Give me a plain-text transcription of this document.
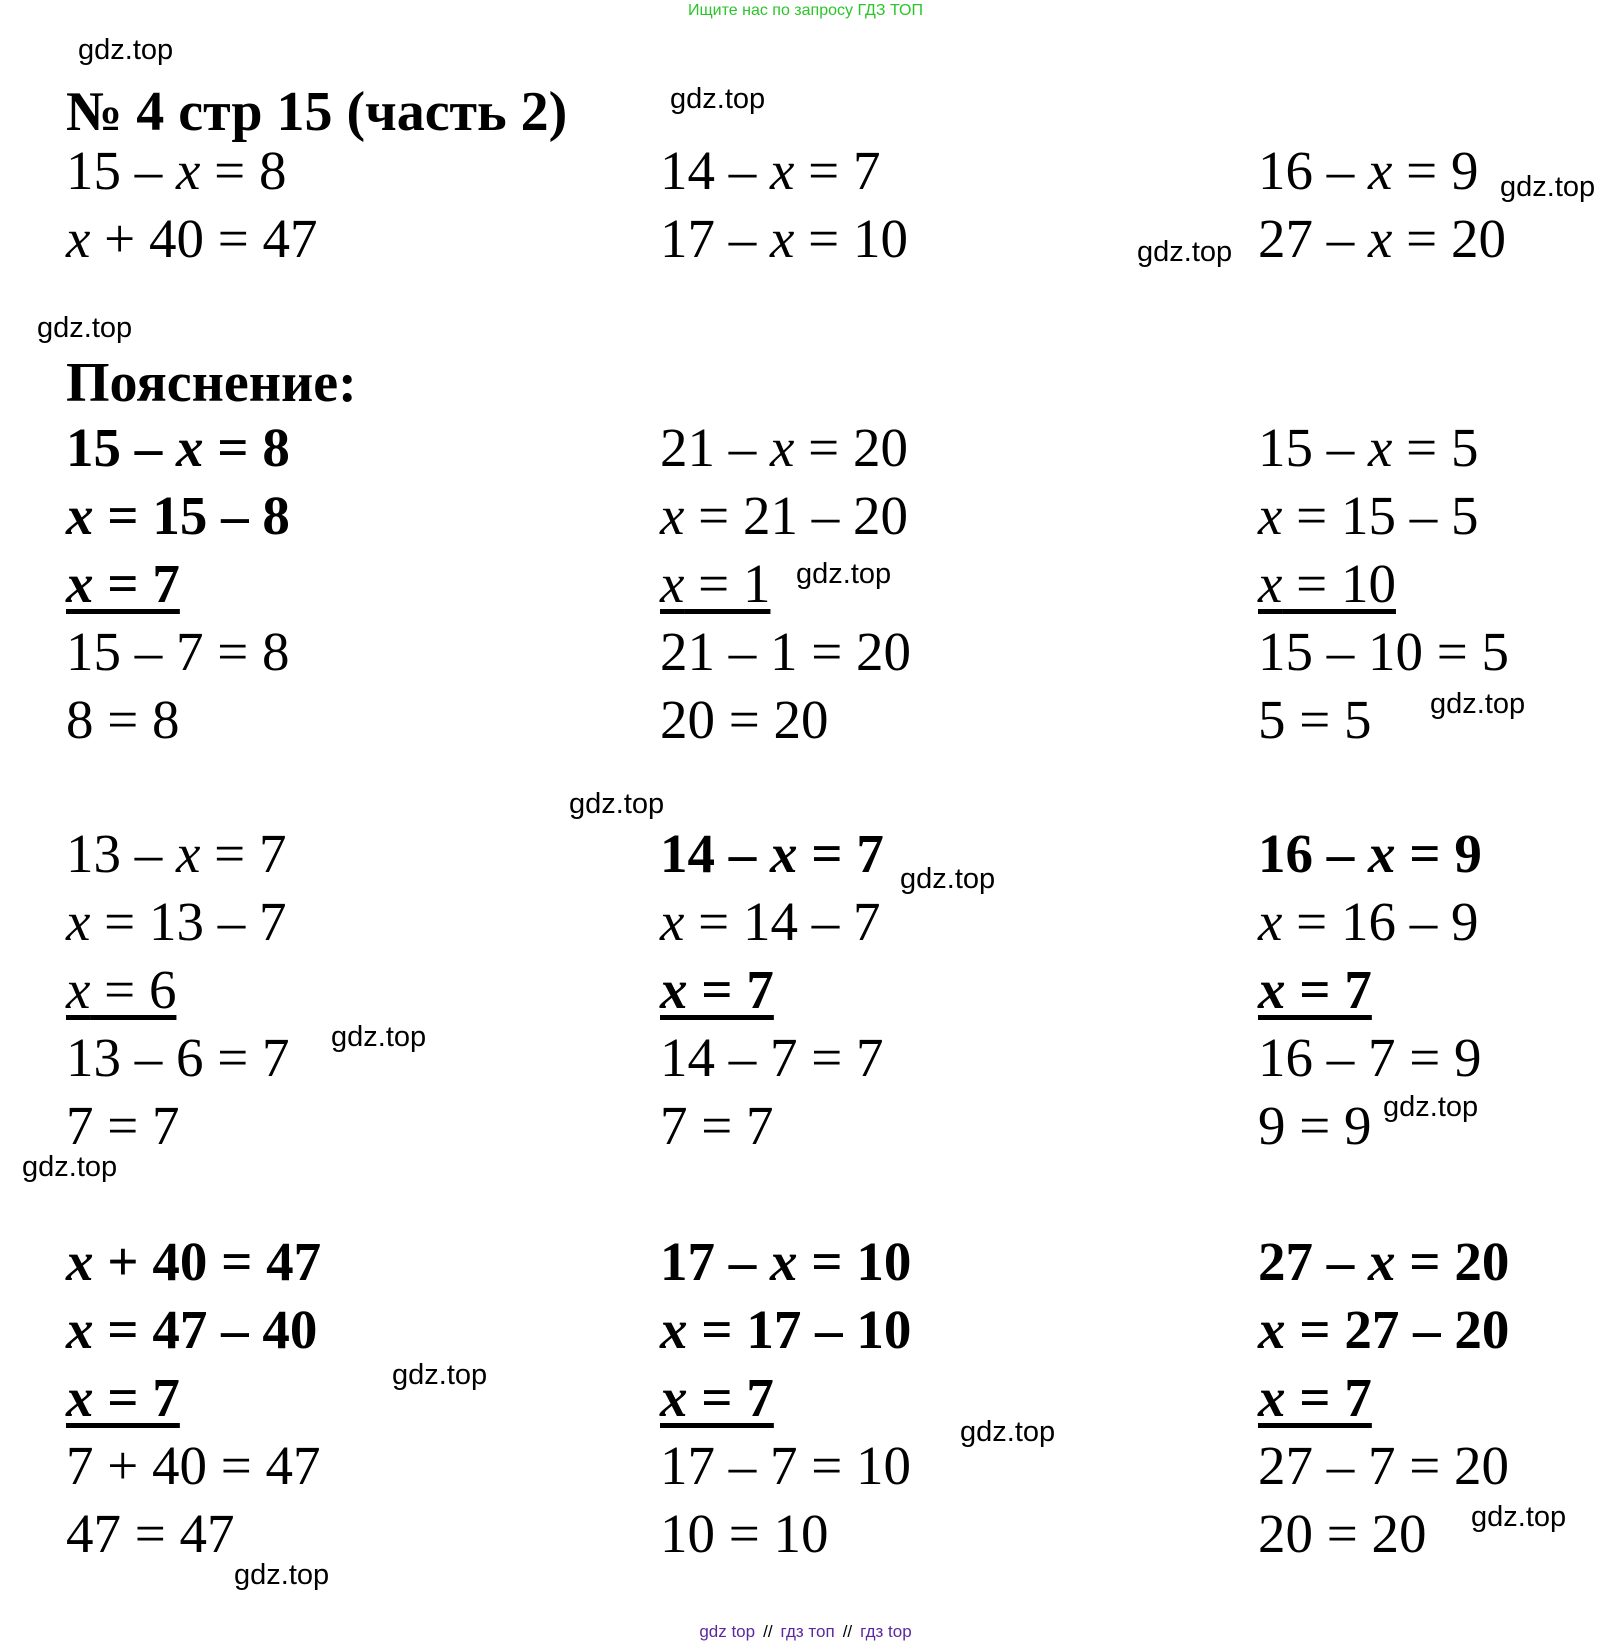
Ищите нас по запросу ГДЗ ТОП
№ 4 стр 15 (часть 2)
15 – x = 8	14 – x = 7	16 – x = 9
x + 40 = 47	17 – x = 10	27 – x = 20
Пояснение:
15 – x = 8
x = 15 – 8
x = 7
15 – 7 = 8
8 = 8
21 – x = 20
x = 21 – 20
x = 1
21 – 1 = 20
20 = 20
15 – x = 5
x = 15 – 5
x = 10
15 – 10 = 5
5 = 5
13 – x = 7
x = 13 – 7
x = 6
13 – 6 = 7
7 = 7
14 – x = 7
x = 14 – 7
x = 7
14 – 7 = 7
7 = 7
16 – x = 9
x = 16 – 9
x = 7
16 – 7 = 9
9 = 9
x + 40 = 47
x = 47 – 40
x = 7
7 + 40 = 47
47 = 47
17 – x = 10
x = 17 – 10
x = 7
17 – 7 = 10
10 = 10
27 – x = 20
x = 27 – 20
x = 7
27 – 7 = 20
20 = 20
gdz.top
gdz.top
gdz.top
gdz.top
gdz.top
gdz.top
gdz.top
gdz.top
gdz.top
gdz.top
gdz.top
gdz.top
gdz.top
gdz.top
gdz.top
gdz.top
gdz top // гдз топ // гдз top
